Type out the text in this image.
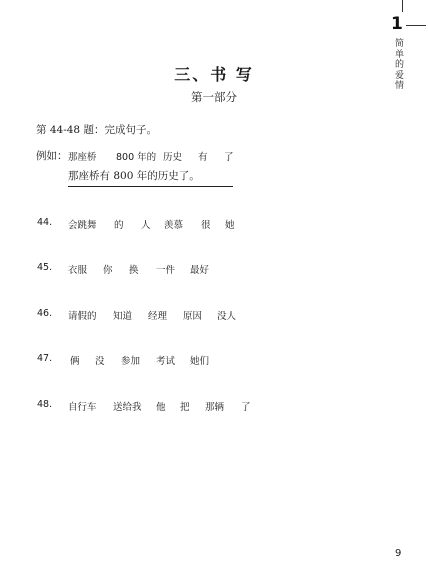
1
简单的爱情
三、书 写
第一部分
第 44-48 题：完成句子。
例如： 那座桥 800 年的 历史 有 了
那座桥有 800 年的历史了。
44. 会跳舞 的 人 羡慕 很 她
45. 衣服 你 换 一件 最好
46. 请假的 知道 经理 原因 没人
47. 俩 没 参加 考试 她们
48. 自行车 送给我 他 把 那辆 了
9
